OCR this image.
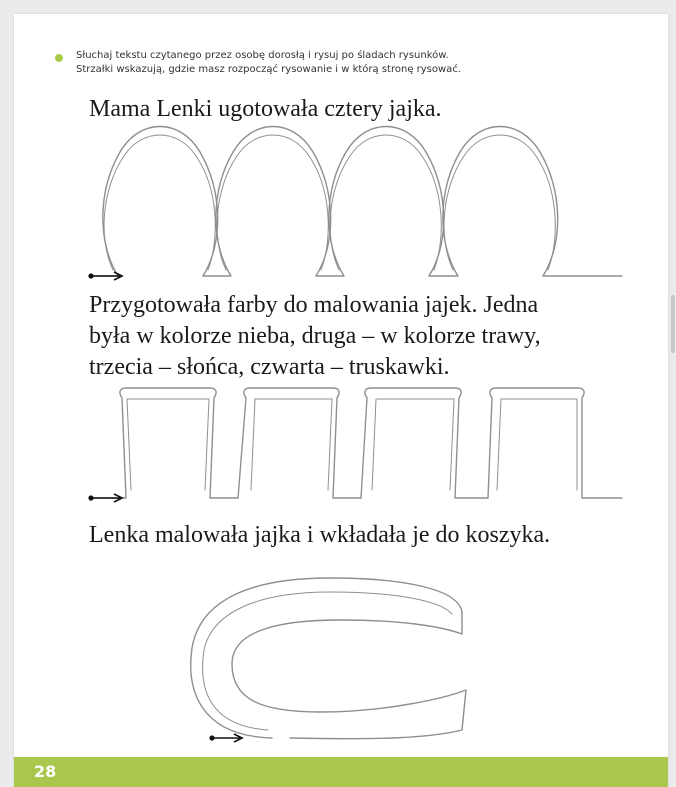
Słuchaj tekstu czytanego przez osobę dorosłą i rysuj po śladach rysunków.
Strzałki wskazują, gdzie masz rozpocząć rysowanie i w którą stronę rysować.
Mama Lenki ugotowała cztery jajka.
Przygotowała farby do malowania jajek. Jedna
była w kolorze nieba, druga – w kolorze trawy,
trzecia – słońca, czwarta – truskawki.
Lenka malowała jajka i wkładała je do koszyka.
28
